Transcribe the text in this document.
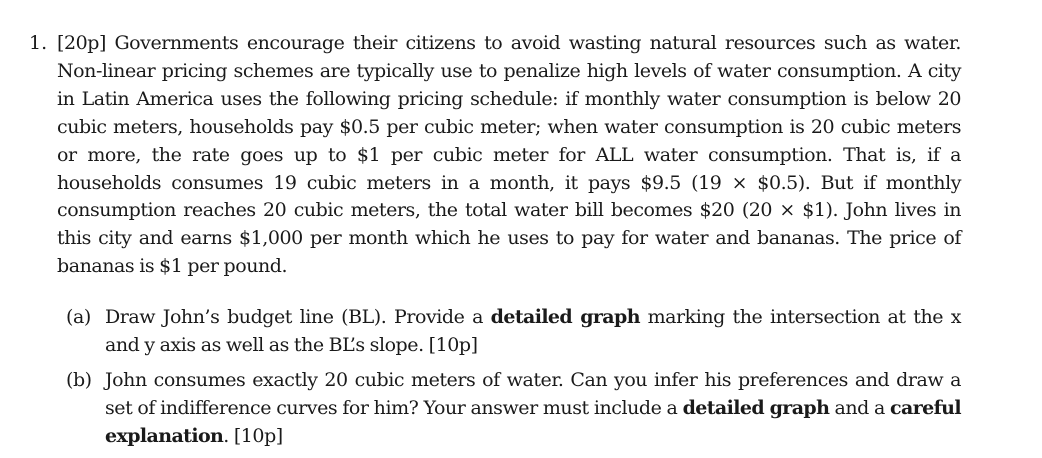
1. [20p] Governments encourage their citizens to avoid wasting natural resources such as water. Non-linear pricing schemes are typically use to penalize high levels of water consumption. A city in Latin America uses the following pricing schedule: if monthly water consumption is below 20 cubic meters, households pay $0.5 per cubic meter; when water consumption is 20 cubic meters or more, the rate goes up to $1 per cubic meter for ALL water consumption. That is, if a households consumes 19 cubic meters in a month, it pays $9.5 (19 × $0.5). But if monthly consumption reaches 20 cubic meters, the total water bill becomes $20 (20 × $1). John lives in this city and earns $1,000 per month which he uses to pay for water and bananas. The price of bananas is $1 per pound.
(a) Draw John’s budget line (BL). Provide a detailed graph marking the intersection at the x and y axis as well as the BL’s slope. [10p]
(b) John consumes exactly 20 cubic meters of water. Can you infer his preferences and draw a set of indifference curves for him? Your answer must include a detailed graph and a careful explanation. [10p]
